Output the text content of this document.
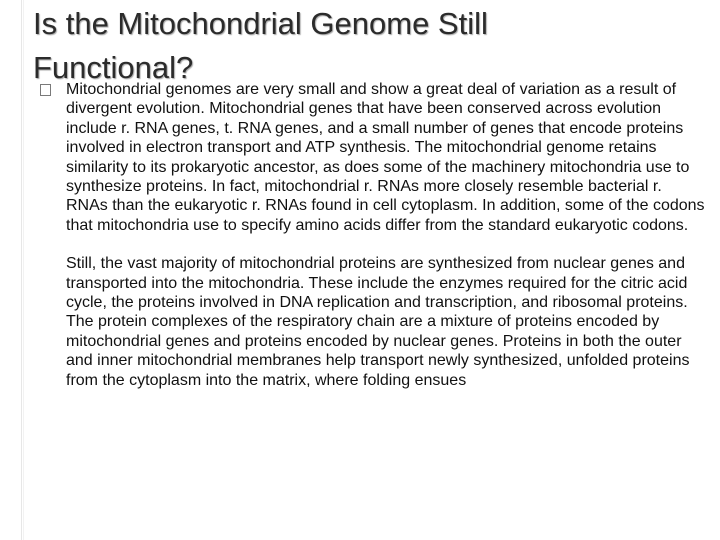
Is the Mitochondrial Genome Still Functional?

Mitochondrial genomes are very small and show a great deal of variation as a result of divergent evolution. Mitochondrial genes that have been conserved across evolution include r. RNA genes, t. RNA genes, and a small number of genes that encode proteins involved in electron transport and ATP synthesis. The mitochondrial genome retains similarity to its prokaryotic ancestor, as does some of the machinery mitochondria use to synthesize proteins. In fact, mitochondrial r. RNAs more closely resemble bacterial r. RNAs than the eukaryotic r. RNAs found in cell cytoplasm. In addition, some of the codons that mitochondria use to specify amino acids differ from the standard eukaryotic codons.

Still, the vast majority of mitochondrial proteins are synthesized from nuclear genes and transported into the mitochondria. These include the enzymes required for the citric acid cycle, the proteins involved in DNA replication and transcription, and ribosomal proteins. The protein complexes of the respiratory chain are a mixture of proteins encoded by mitochondrial genes and proteins encoded by nuclear genes. Proteins in both the outer and inner mitochondrial membranes help transport newly synthesized, unfolded proteins from the cytoplasm into the matrix, where folding ensues
